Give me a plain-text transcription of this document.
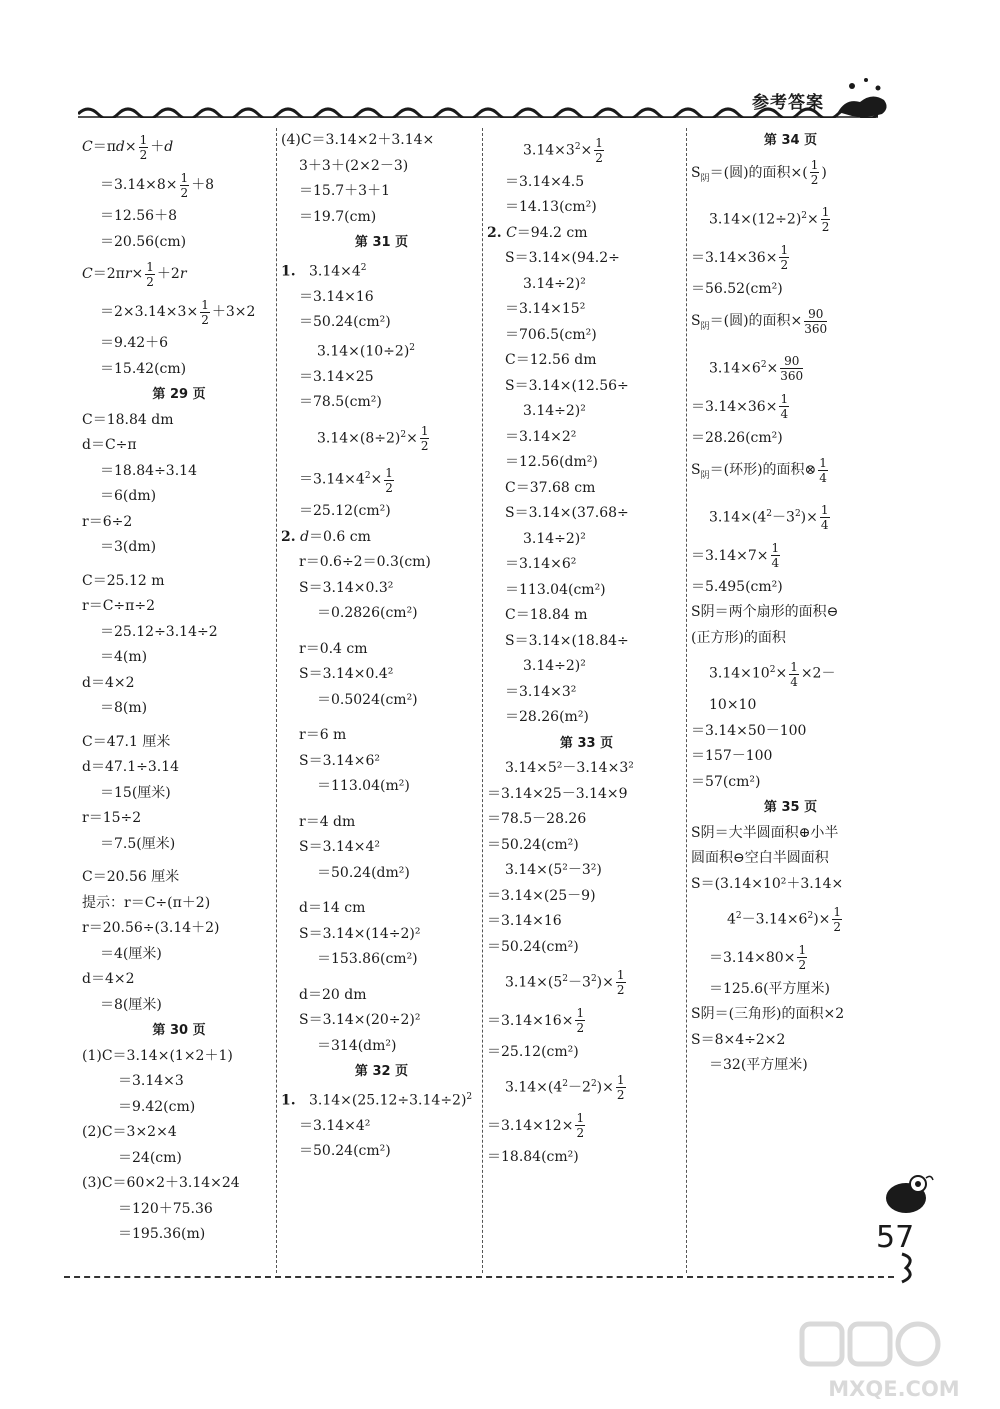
参考答案
$C=\pi d\times \frac{1}{2} +d$
$=3.14\times 8\times \frac{1}{2} +8$
＝12.56＋8
＝20.56(cm)
$C=2\pi r\times \frac{1}{2} +2r$
$=2\times 3.14\times 3\times \frac{1}{2} +3\times 2$
＝9.42＋6
＝15.42(cm)
第 29 页
C＝18.84 dm
d＝C÷π
＝18.84÷3.14
＝6(dm)
r＝6÷2
＝3(dm)
C＝25.12 m
r＝C÷π÷2
＝25.12÷3.14÷2
＝4(m)
d＝4×2
＝8(m)
C＝47.1 厘米
d＝47.1÷3.14
＝15(厘米)
r＝15÷2
＝7.5(厘米)
C＝20.56 厘米
提示：r＝C÷(π＋2)
r＝20.56÷(3.14＋2)
＝4(厘米)
d＝4×2
＝8(厘米)
第 30 页
(1)C＝3.14×(1×2＋1)
＝3.14×3
＝9.42(cm)
(2)C＝3×2×4
＝24(cm)
(3)C＝60×2＋3.14×24
＝120＋75.36
＝195.36(m)
(4)C＝3.14×2＋3.14×
3＋3＋(2×2－3)
＝15.7＋3＋1
＝19.7(cm)
第 31 页
1.   $3.14\times 4^2$
＝3.14×16
＝50.24(cm²)
$3.14\times(10\div 2)^2$
＝3.14×25
＝78.5(cm²)
$3.14\times(8\div 2)^2\times \frac{1}{2}$
$=3.14\times 4^2\times \frac{1}{2}$
＝25.12(cm²)
2. d＝0.6 cm
r＝0.6÷2＝0.3(cm)
S＝3.14×0.3²
＝0.2826(cm²)
r＝0.4 cm
S＝3.14×0.4²
＝0.5024(cm²)
r＝6 m
S＝3.14×6²
＝113.04(m²)
r＝4 dm
S＝3.14×4²
＝50.24(dm²)
d＝14 cm
S＝3.14×(14÷2)²
＝153.86(cm²)
d＝20 dm
S＝3.14×(20÷2)²
＝314(dm²)
第 32 页
1.   $3.14\times(25.12\div 3.14\div 2)^2$
＝3.14×4²
＝50.24(cm²)
$3.14\times 3^2\times \frac{1}{2}$
＝3.14×4.5
＝14.13(cm²)
2. C＝94.2 cm
S＝3.14×(94.2÷
3.14÷2)²
＝3.14×15²
＝706.5(cm²)
C＝12.56 dm
S＝3.14×(12.56÷
3.14÷2)²
＝3.14×2²
＝12.56(dm²)
C＝37.68 cm
S＝3.14×(37.68÷
3.14÷2)²
＝3.14×6²
＝113.04(cm²)
C＝18.84 m
S＝3.14×(18.84÷
3.14÷2)²
＝3.14×3²
＝28.26(m²)
第 33 页
3.14×5²－3.14×3²
＝3.14×25－3.14×9
＝78.5－28.26
＝50.24(cm²)
3.14×(5²－3²)
＝3.14×(25－9)
＝3.14×16
＝50.24(cm²)
$3.14\times(5^2-3^2)\times \frac{1}{2}$
$=3.14\times 16\times \frac{1}{2}$
＝25.12(cm²)
$3.14\times(4^2-2^2)\times \frac{1}{2}$
$=3.14\times 12\times \frac{1}{2}$
＝18.84(cm²)
第 34 页
$S_阴=$(圆)的面积×( $\frac{1}{2}$ )
$3.14\times(12\div 2)^2\times \frac{1}{2}$
$=3.14\times 36\times \frac{1}{2}$
＝56.52(cm²)
$S_阴=$(圆)的面积× $\frac{90}{360}$
$3.14\times 6^2\times \frac{90}{360}$
$=3.14\times 36\times \frac{1}{4}$
＝28.26(cm²)
$S_阴=$(环形)的面积⊗ $\frac{1}{4}$
$3.14\times(4^2-3^2)\times \frac{1}{4}$
$=3.14\times 7\times \frac{1}{4}$
＝5.495(cm²)
S阴＝两个扇形的面积⊖
(正方形)的面积
$3.14\times 10^2\times \frac{1}{4} \times 2-$
10×10
＝3.14×50－100
＝157－100
＝57(cm²)
第 35 页
S阴＝大半圆面积⊕小半
圆面积⊖空白半圆面积
S＝(3.14×10²＋3.14×
$4^2-3.14\times 6^2)\times \frac{1}{2}$
$=3.14\times 80\times \frac{1}{2}$
＝125.6(平方厘米)
S阴＝(三角形)的面积×2
S＝8×4÷2×2
＝32(平方厘米)
57
MXQE.COM
